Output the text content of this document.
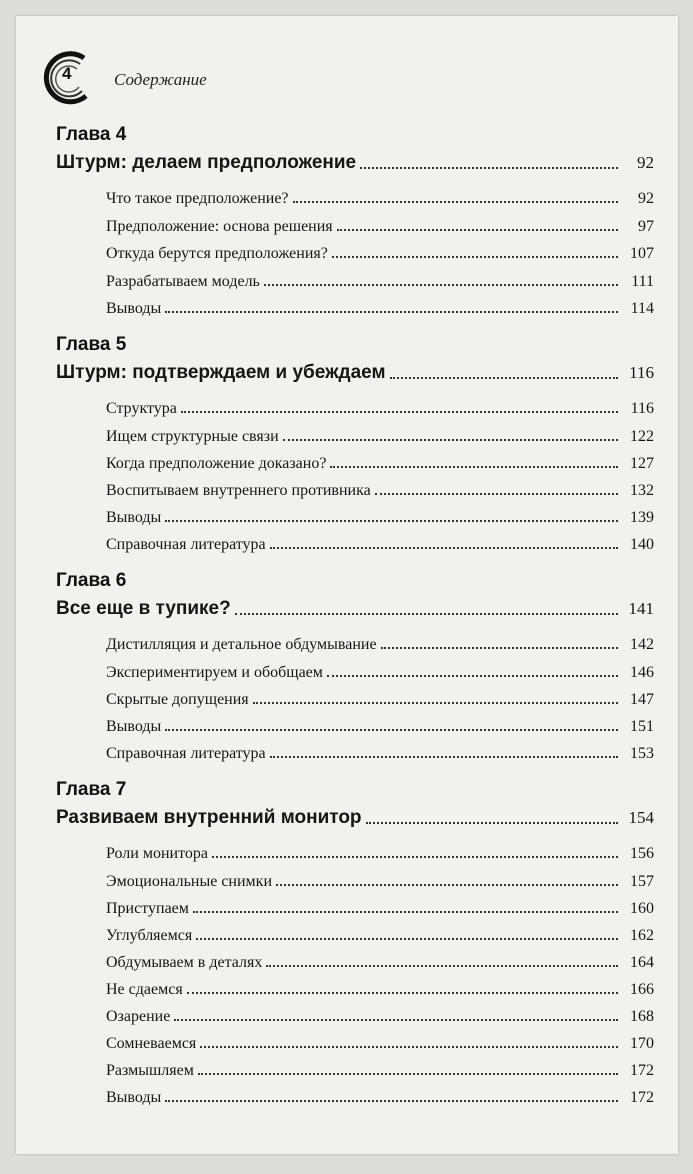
4	Содержание
Глава 4
Штурм: делаем предположение	92
Что такое предположение?	92
Предположение: основа решения	97
Откуда берутся предположения?	107
Разрабатываем модель	111
Выводы	114
Глава 5
Штурм: подтверждаем и убеждаем	116
Структура	116
Ищем структурные связи	122
Когда предположение доказано?	127
Воспитываем внутреннего противника	132
Выводы	139
Справочная литература	140
Глава 6
Все еще в тупике?	141
Дистилляция и детальное обдумывание	142
Экспериментируем и обобщаем	146
Скрытые допущения	147
Выводы	151
Справочная литература	153
Глава 7
Развиваем внутренний монитор	154
Роли монитора	156
Эмоциональные снимки	157
Приступаем	160
Углубляемся	162
Обдумываем в деталях	164
Не сдаемся	166
Озарение	168
Сомневаемся	170
Размышляем	172
Выводы	172
